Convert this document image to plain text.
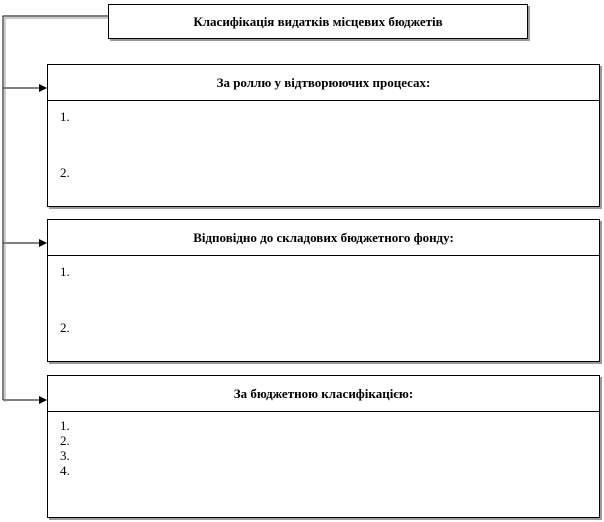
Класифікація видатків місцевих бюджетів
За роллю у відтворюючих процесах:
1.
2.
Відповідно до складових бюджетного фонду:
1.
2.
За бюджетною класифікацією:
1.
2.
3.
4.
